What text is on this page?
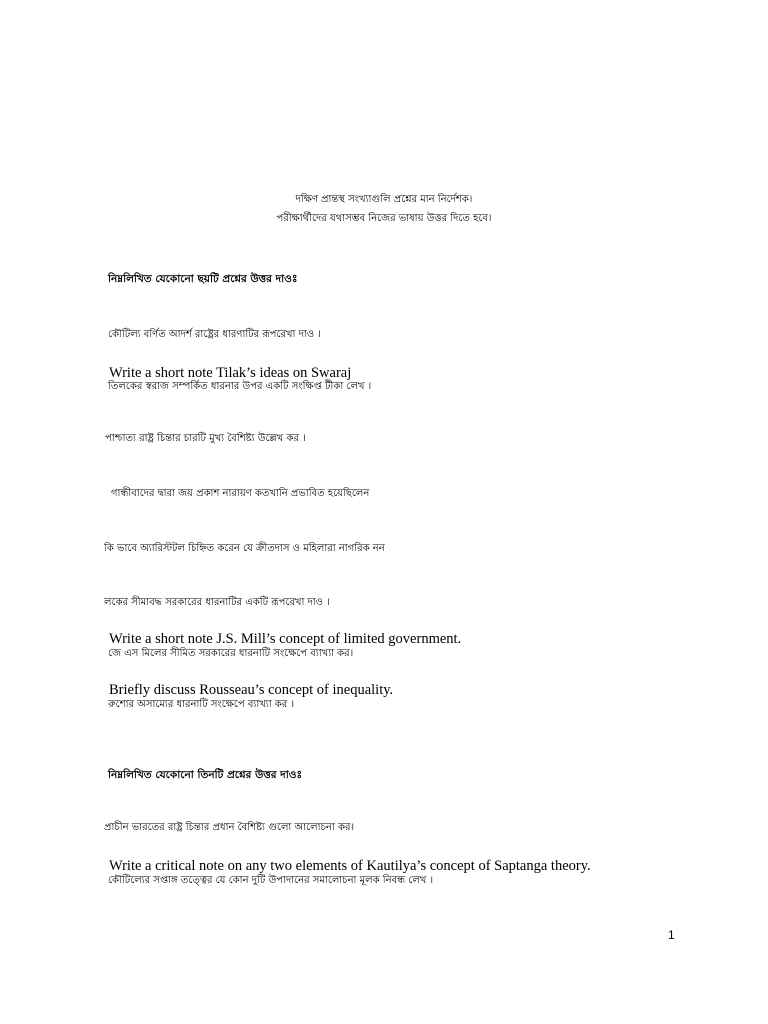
দক্ষিণ প্রান্তস্থ সংখ্যাগুলি প্রশ্নের মান নির্দেশক।

পরীক্ষার্থীদের যথাসম্ভব নিজের ভাষায় উত্তর দিতে হবে।

নিম্নলিখিত যেকোনো ছয়টি প্রশ্নের উত্তর দাওঃ

কৌটিল্য বর্ণিত আদর্শ রাষ্ট্রের ধারণাটির রূপরেখা দাও ।

Write a short note Tilak’s ideas on Swaraj

তিলকের স্বরাজ সম্পর্কিত ধারনার উপর একটি সংক্ষিপ্ত টীকা লেখ ।

পাশ্চাত্য রাষ্ট্র চিন্তার চারটি মুখ্য বৈশিষ্ট্য উল্লেখ কর ।

গান্ধীবাদের দ্বারা জয় প্রকাশ নারায়ণ কতখানি প্রভাবিত হয়েছিলেন

কি ভাবে অ্যারিস্টটল চিহ্নিত করেন যে ক্রীতদাস ও মহিলারা নাগরিক নন

লকের সীমাবদ্ধ সরকারের ধারনাটির একটি রূপরেখা দাও ।

Write a short note J.S. Mill’s concept of limited government.

জে এস মিলের সীমিত সরকারের ধারনাটি সংক্ষেপে ব্যাখ্যা কর।

Briefly discuss Rousseau’s concept of inequality.

রুশোর অসাম্যের ধারনাটি সংক্ষেপে ব্যাখ্যা কর ।

নিম্নলিখিত যেকোনো তিনটি প্রশ্নের উত্তর দাওঃ

প্রাচীন ভারতের রাষ্ট্র চিন্তার প্রধান বৈশিষ্ট্য গুলো আলোচনা কর।

Write a critical note on any two elements of Kautilya’s concept of Saptanga theory.

কৌটিল্যের সপ্তাঙ্গ তত্ত্বের যে কোন দুটি উপাদানের সমালোচনা মূলক নিবন্ধ লেখ ।

1
